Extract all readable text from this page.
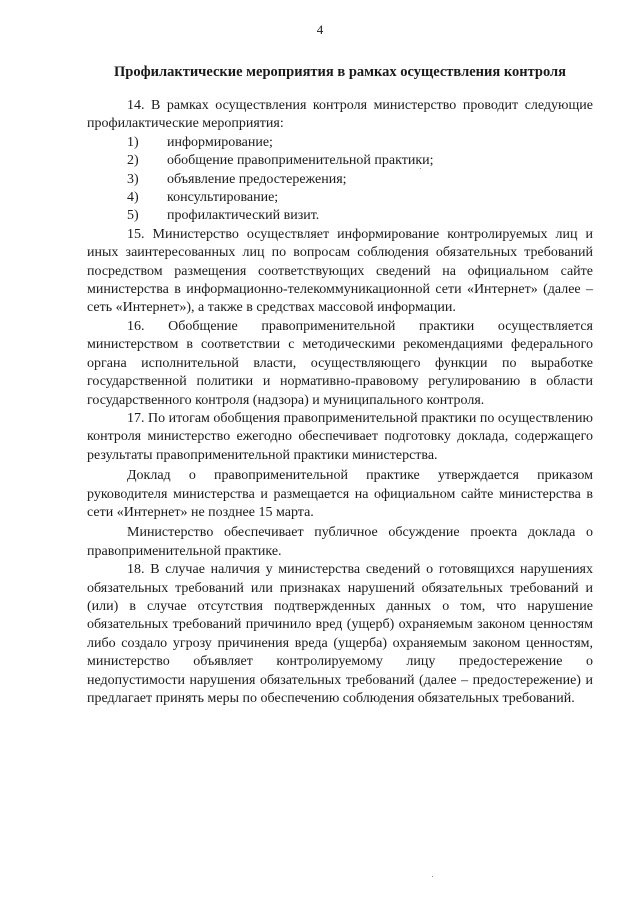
4
Профилактические мероприятия в рамках осуществления контроля

14. В рамках осуществления контроля министерство проводит следующие профилактические мероприятия:

1)	информирование;
2)	обобщение правоприменительной практики;
3)	объявление предостережения;
4)	консультирование;
5)	профилактический визит.

15. Министерство осуществляет информирование контролируемых лиц и иных заинтересованных лиц по вопросам соблюдения обязательных требований посредством размещения соответствующих сведений на официальном сайте министерства в информационно-телекоммуникационной сети «Интернет» (далее – сеть «Интернет»), а также в средствах массовой информации.

16. Обобщение правоприменительной практики осуществляется министерством в соответствии с методическими рекомендациями федерального органа исполнительной власти, осуществляющего функции по выработке государственной политики и нормативно-правовому регулированию в области государственного контроля (надзора) и муниципального контроля.

17. По итогам обобщения правоприменительной практики по осуществлению контроля министерство ежегодно обеспечивает подготовку доклада, содержащего результаты правоприменительной практики министерства.

Доклад о правоприменительной практике утверждается приказом руководителя министерства и размещается на официальном сайте министерства в сети «Интернет» не позднее 15 марта.

Министерство обеспечивает публичное обсуждение проекта доклада о правоприменительной практике.

18. В случае наличия у министерства сведений о готовящихся нарушениях обязательных требований или признаках нарушений обязательных требований и (или) в случае отсутствия подтвержденных данных о том, что нарушение обязательных требований причинило вред (ущерб) охраняемым законом ценностям либо создало угрозу причинения вреда (ущерба) охраняемым законом ценностям, министерство объявляет контролируемому лицу предостережение о недопустимости нарушения обязательных требований (далее – предостережение) и предлагает принять меры по обеспечению соблюдения обязательных требований.
